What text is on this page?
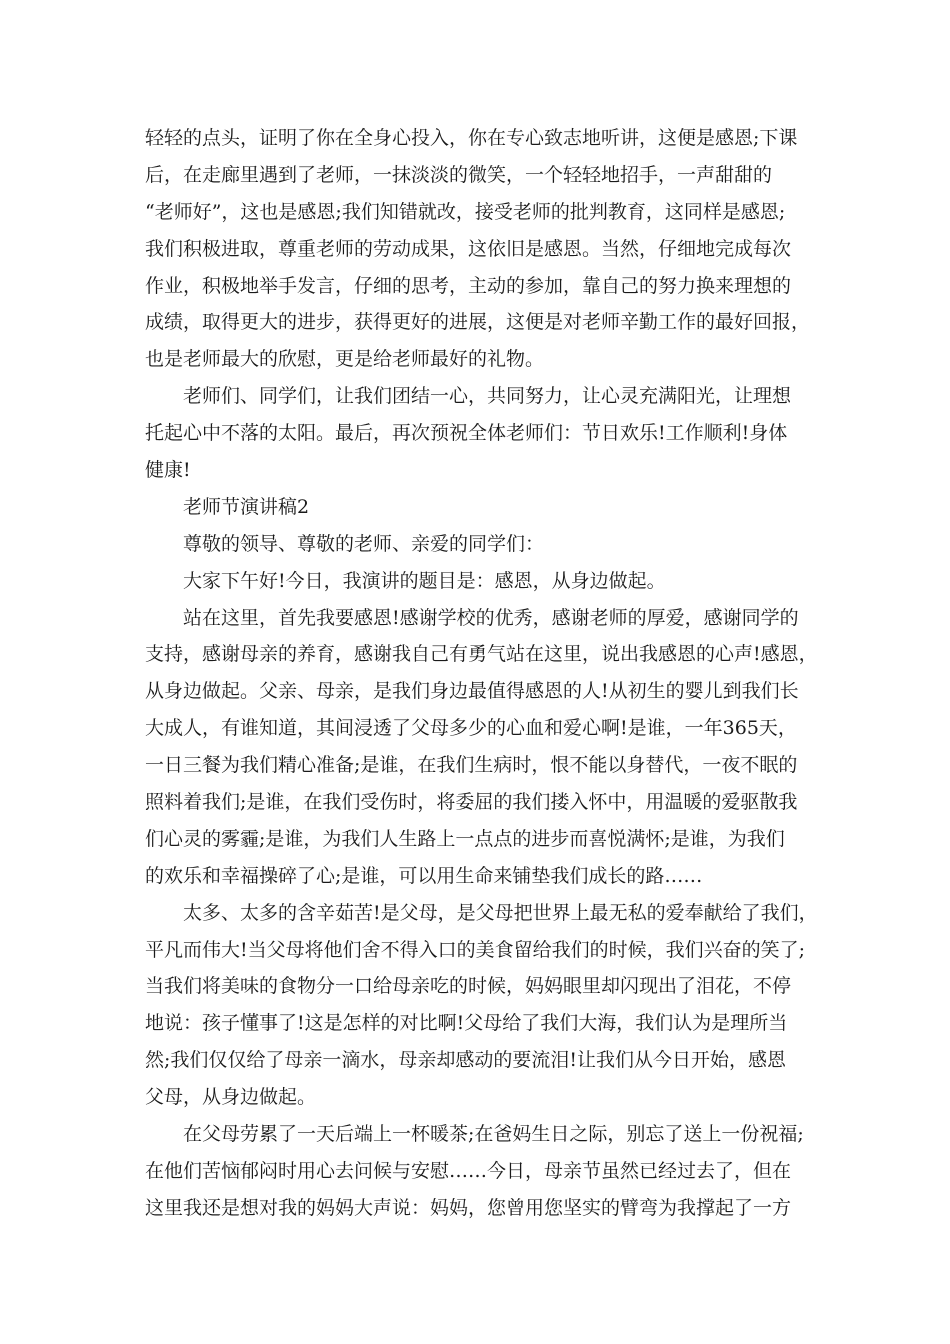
轻轻的点头，证明了你在全身心投入，你在专心致志地听讲，这便是感恩;下课
后，在走廊里遇到了老师，一抹淡淡的微笑，一个轻轻地招手，一声甜甜的
“老师好”，这也是感恩;我们知错就改，接受老师的批判教育，这同样是感恩;
我们积极进取，尊重老师的劳动成果，这依旧是感恩。当然，仔细地完成每次
作业，积极地举手发言，仔细的思考，主动的参加，靠自己的努力换来理想的
成绩，取得更大的进步，获得更好的进展，这便是对老师辛勤工作的最好回报，
也是老师最大的欣慰，更是给老师最好的礼物。
老师们、同学们，让我们团结一心，共同努力，让心灵充满阳光，让理想
托起心中不落的太阳。最后，再次预祝全体老师们：节日欢乐!工作顺利!身体
健康!
老师节演讲稿2
尊敬的领导、尊敬的老师、亲爱的同学们：
大家下午好!今日，我演讲的题目是：感恩，从身边做起。
站在这里，首先我要感恩!感谢学校的优秀，感谢老师的厚爱，感谢同学的
支持，感谢母亲的养育，感谢我自己有勇气站在这里，说出我感恩的心声!感恩，
从身边做起。父亲、母亲，是我们身边最值得感恩的人!从初生的婴儿到我们长
大成人，有谁知道，其间浸透了父母多少的心血和爱心啊!是谁，一年365天，
一日三餐为我们精心准备;是谁，在我们生病时，恨不能以身替代，一夜不眠的
照料着我们;是谁，在我们受伤时，将委屈的我们搂入怀中，用温暖的爱驱散我
们心灵的雾霾;是谁，为我们人生路上一点点的进步而喜悦满怀;是谁，为我们
的欢乐和幸福操碎了心;是谁，可以用生命来铺垫我们成长的路……
太多、太多的含辛茹苦!是父母，是父母把世界上最无私的爱奉献给了我们，
平凡而伟大!当父母将他们舍不得入口的美食留给我们的时候，我们兴奋的笑了;
当我们将美味的食物分一口给母亲吃的时候，妈妈眼里却闪现出了泪花，不停
地说：孩子懂事了!这是怎样的对比啊!父母给了我们大海，我们认为是理所当
然;我们仅仅给了母亲一滴水，母亲却感动的要流泪!让我们从今日开始，感恩
父母，从身边做起。
在父母劳累了一天后端上一杯暖茶;在爸妈生日之际，别忘了送上一份祝福;
在他们苦恼郁闷时用心去问候与安慰……今日，母亲节虽然已经过去了，但在
这里我还是想对我的妈妈大声说：妈妈，您曾用您坚实的臂弯为我撑起了一方
